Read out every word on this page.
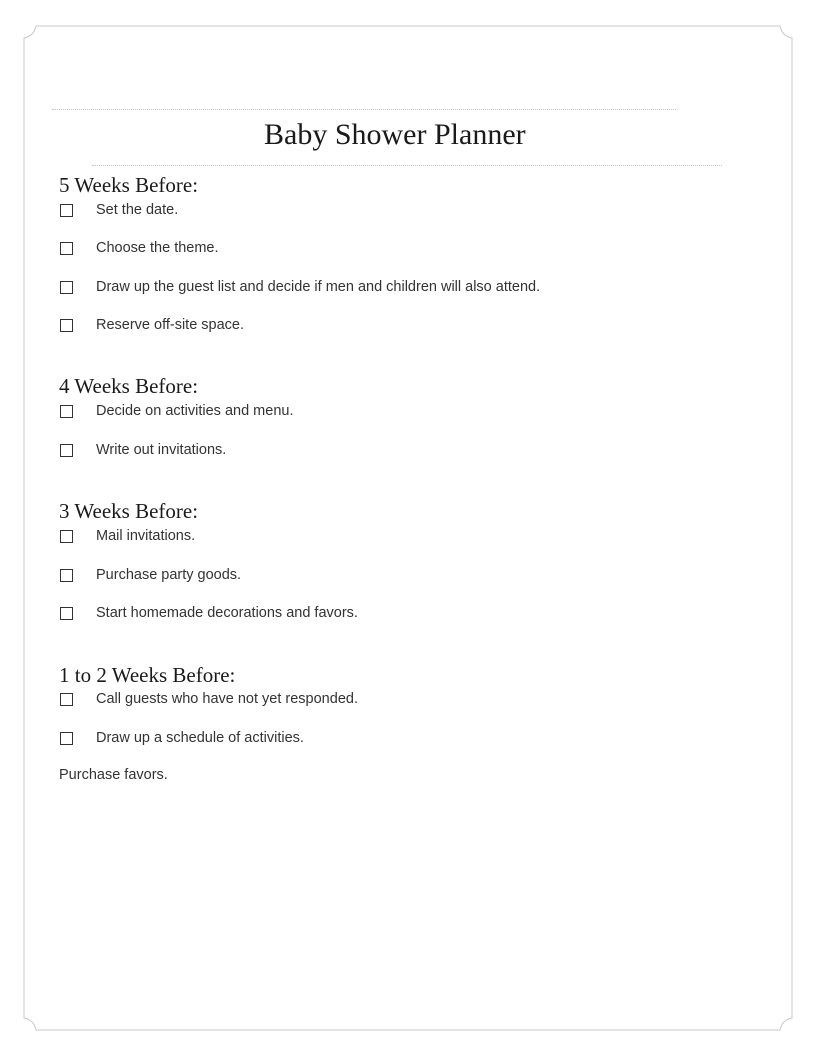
Baby Shower Planner
5 Weeks Before:
Set the date.
Choose the theme.
Draw up the guest list and decide if men and children will also attend.
Reserve off-site space.
4 Weeks Before:
Decide on activities and menu.
Write out invitations.
3 Weeks Before:
Mail invitations.
Purchase party goods.
Start homemade decorations and favors.
1 to 2 Weeks Before:
Call guests who have not yet responded.
Draw up a schedule of activities.
Purchase favors.
